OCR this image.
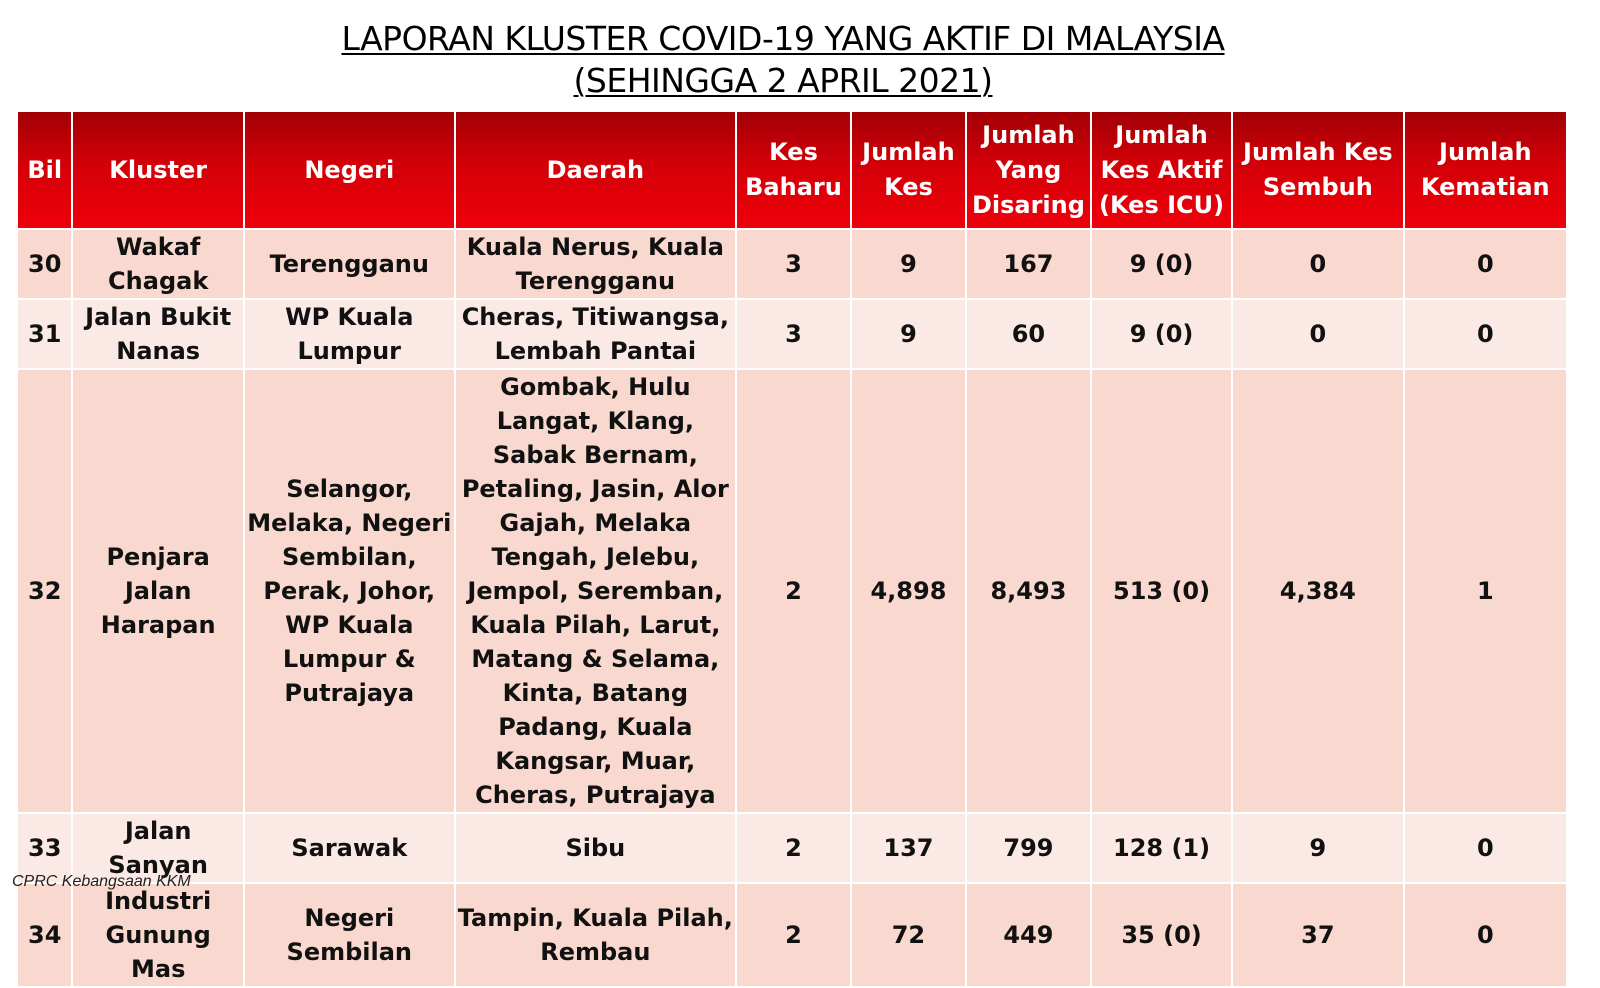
LAPORAN KLUSTER COVID-19 YANG AKTIF DI MALAYSIA
(SEHINGGA 2 APRIL 2021)
Bil	Kluster	Negeri	Daerah	Kes Baharu	Jumlah Kes	Jumlah Yang Disaring	Jumlah Kes Aktif (Kes ICU)	Jumlah Kes Sembuh	Jumlah Kematian
30	Wakaf Chagak	Terengganu	Kuala Nerus, Kuala Terengganu	3	9	167	9 (0)	0	0
31	Jalan Bukit Nanas	WP Kuala Lumpur	Cheras, Titiwangsa, Lembah Pantai	3	9	60	9 (0)	0	0
32	Penjara Jalan Harapan	Selangor, Melaka, Negeri Sembilan, Perak, Johor, WP Kuala Lumpur & Putrajaya	Gombak, Hulu Langat, Klang, Sabak Bernam, Petaling, Jasin, Alor Gajah, Melaka Tengah, Jelebu, Jempol, Seremban, Kuala Pilah, Larut, Matang & Selama, Kinta, Batang Padang, Kuala Kangsar, Muar, Cheras, Putrajaya	2	4,898	8,493	513 (0)	4,384	1
33	Jalan Sanyan	Sarawak	Sibu	2	137	799	128 (1)	9	0
34	Industri Gunung Mas	Negeri Sembilan	Tampin, Kuala Pilah, Rembau	2	72	449	35 (0)	37	0
CPRC Kebangsaan KKM
